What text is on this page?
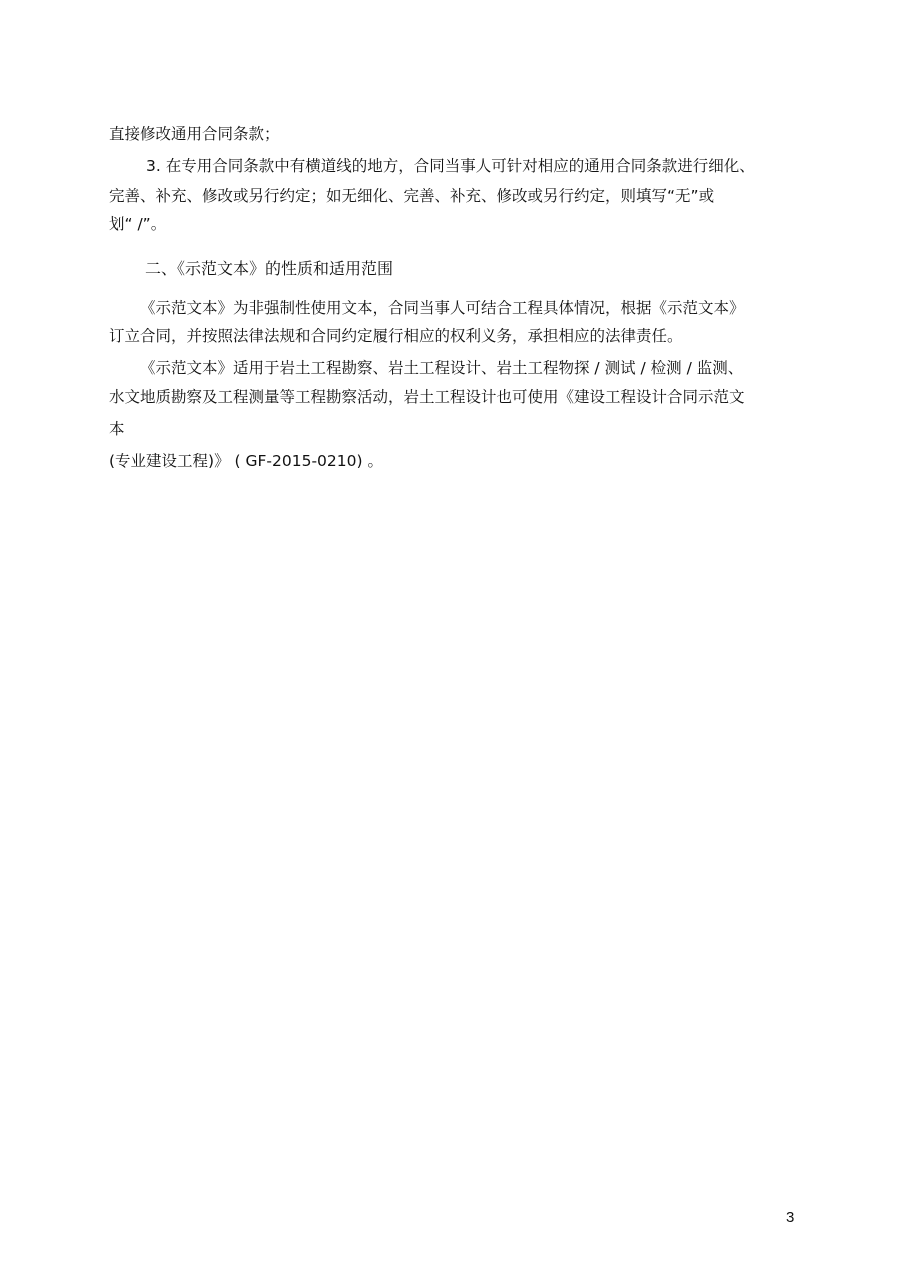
直接修改通用合同条款；
3. 在专用合同条款中有横道线的地方，合同当事人可针对相应的通用合同条款进行细化、
完善、补充、修改或另行约定；如无细化、完善、补充、修改或另行约定，则填写“无”或
划“ /”。
二、《示范文本》的性质和适用范围
《示范文本》为非强制性使用文本，合同当事人可结合工程具体情况，根据《示范文本》
订立合同，并按照法律法规和合同约定履行相应的权利义务，承担相应的法律责任。
《示范文本》适用于岩土工程勘察、岩土工程设计、岩土工程物探 / 测试 / 检测 / 监测、
水文地质勘察及工程测量等工程勘察活动，岩土工程设计也可使用《建设工程设计合同示范文
本
(专业建设工程)》 ( GF-2015-0210) 。
3
